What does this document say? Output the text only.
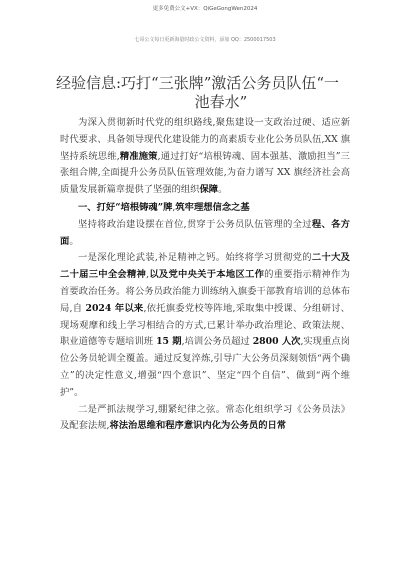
更多免费公文+VX：QiGeGongWen2024
七哥公文每日更新海量时政公文资料，添加 QQ：2500017503
经验信息:巧打“三张牌”激活公务员队伍“一
池春水”

为深入贯彻新时代党的组织路线,聚焦建设一支政治过硬、适应新时代要求、具备领导现代化建设能力的高素质专业化公务员队伍,XX 旗坚持系统思维,精准施策,通过打好“培根铸魂、固本强基、激励担当”三张组合牌,全面提升公务员队伍管理效能,为奋力谱写 XX 旗经济社会高质量发展新篇章提供了坚强的组织保障。

一、打好“培根铸魂”牌,筑牢理想信念之基

坚持将政治建设摆在首位,贯穿于公务员队伍管理的全过程、各方面。

一是深化理论武装,补足精神之钙。始终将学习贯彻党的二十大及二十届三中全会精神,以及党中央关于本地区工作的重要指示精神作为首要政治任务。将公务员政治能力训练纳入旗委干部教育培训的总体布局,自 2024 年以来,依托旗委党校等阵地,采取集中授课、分组研讨、现场观摩和线上学习相结合的方式,已累计举办政治理论、政策法规、职业道德等专题培训班 15 期,培训公务员超过 2800 人次,实现重点岗位公务员轮训全覆盖。通过反复淬炼,引导广大公务员深刻领悟“两个确立”的决定性意义,增强“四个意识”、坚定“四个自信”、做到“两个维护”。

二是严抓法规学习,绷紧纪律之弦。常态化组织学习《公务员法》及配套法规,将法治思维和程序意识内化为公务员的日常
